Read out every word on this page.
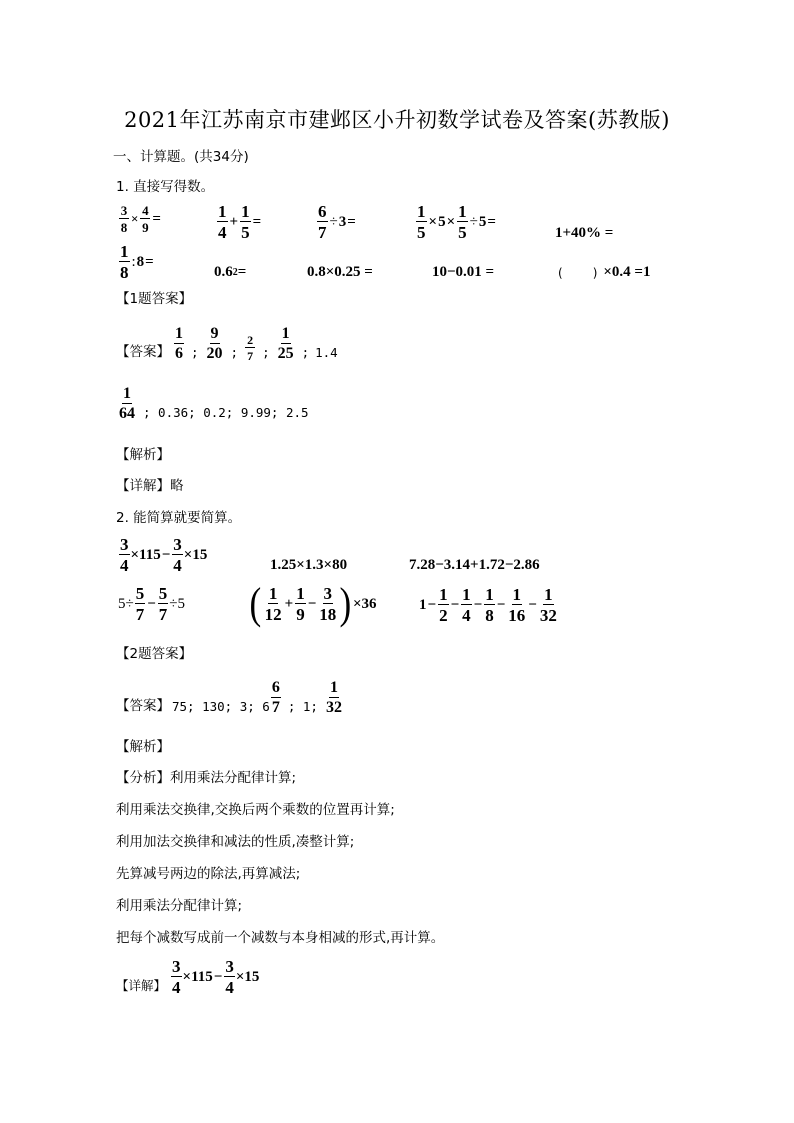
2021年江苏南京市建邺区小升初数学试卷及答案(苏教版)
一、计算题。(共34分)
1. 直接写得数。
$\frac{3}{8} \times \frac{4}{9}$ =	$\frac{1}{4} + \frac{1}{5}$ =	$\frac{6}{7} \div 3$ =	$\frac{1}{5} \times 5 \times \frac{1}{5} \div 5$ =
1+40% =
$\frac{1}{8}$ : 8 =
0.6 2 =	0.8×0.25 =	10−0.01 =	(	) ×0.4 =1
【1题答案】
【答案】 $\frac{1}{6}$ ; $\frac{9}{20}$ ; $\frac{2}{7}$ ; $\frac{1}{25}$ ; 1.4
$\frac{1}{64}$ ; 0.36; 0.2; 9.99; 2.5
【解析】
【详解】略
2. 能简算就要简算。
$\frac{3}{4} \times 115 - \frac{3}{4} \times 15$
1.25×1.3×80	7.28−3.14+1.72−2.86
$5\div \frac{5}{7} - \frac{5}{7} \div 5$ ( $\frac{1}{12} + \frac{1}{9} - \frac{3}{18}$ ) ×36	$1 - \frac{1}{2} - \frac{1}{4} - \frac{1}{8} - \frac{1}{16} - \frac{1}{32}$
【2题答案】
【答案】 75; 130; 3; $6 \frac{6}{7}$ ; 1; $\frac{1}{32}$
【解析】
【分析】利用乘法分配律计算;
利用乘法交换律,交换后两个乘数的位置再计算;
利用加法交换律和减法的性质,凑整计算;
先算减号两边的除法,再算减法;
利用乘法分配律计算;
把每个减数写成前一个减数与本身相减的形式,再计算。
【详解】 $\frac{3}{4} \times 115 - \frac{3}{4} \times 15$
